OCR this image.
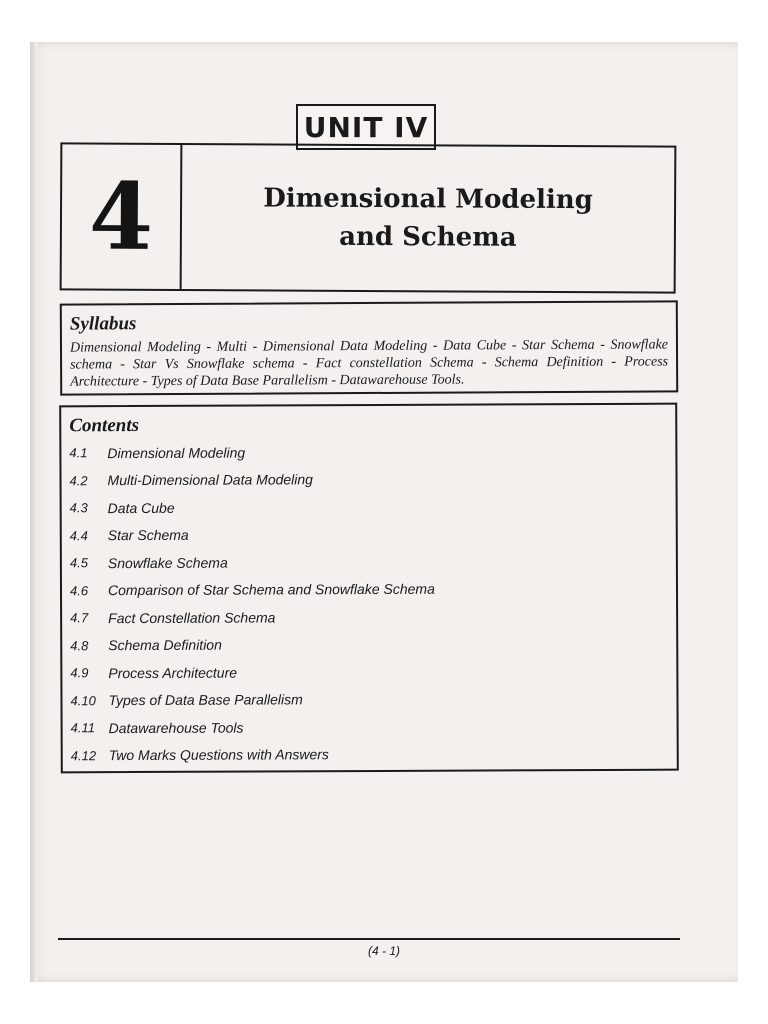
UNIT IV
4	Dimensional Modeling
and Schema
Syllabus

Dimensional Modeling - Multi - Dimensional Data Modeling - Data Cube - Star Schema - Snowflake schema - Star Vs Snowflake schema - Fact constellation Schema - Schema Definition - Process Architecture - Types of Data Base Parallelism - Datawarehouse Tools.

Contents
4.1	Dimensional Modeling
4.2	Multi-Dimensional Data Modeling
4.3	Data Cube
4.4	Star Schema
4.5	Snowflake Schema
4.6	Comparison of Star Schema and Snowflake Schema
4.7	Fact Constellation Schema
4.8	Schema Definition
4.9	Process Architecture
4.10 Types of Data Base Parallelism
4.11 Datawarehouse Tools
4.12 Two Marks Questions with Answers
(4 - 1)
